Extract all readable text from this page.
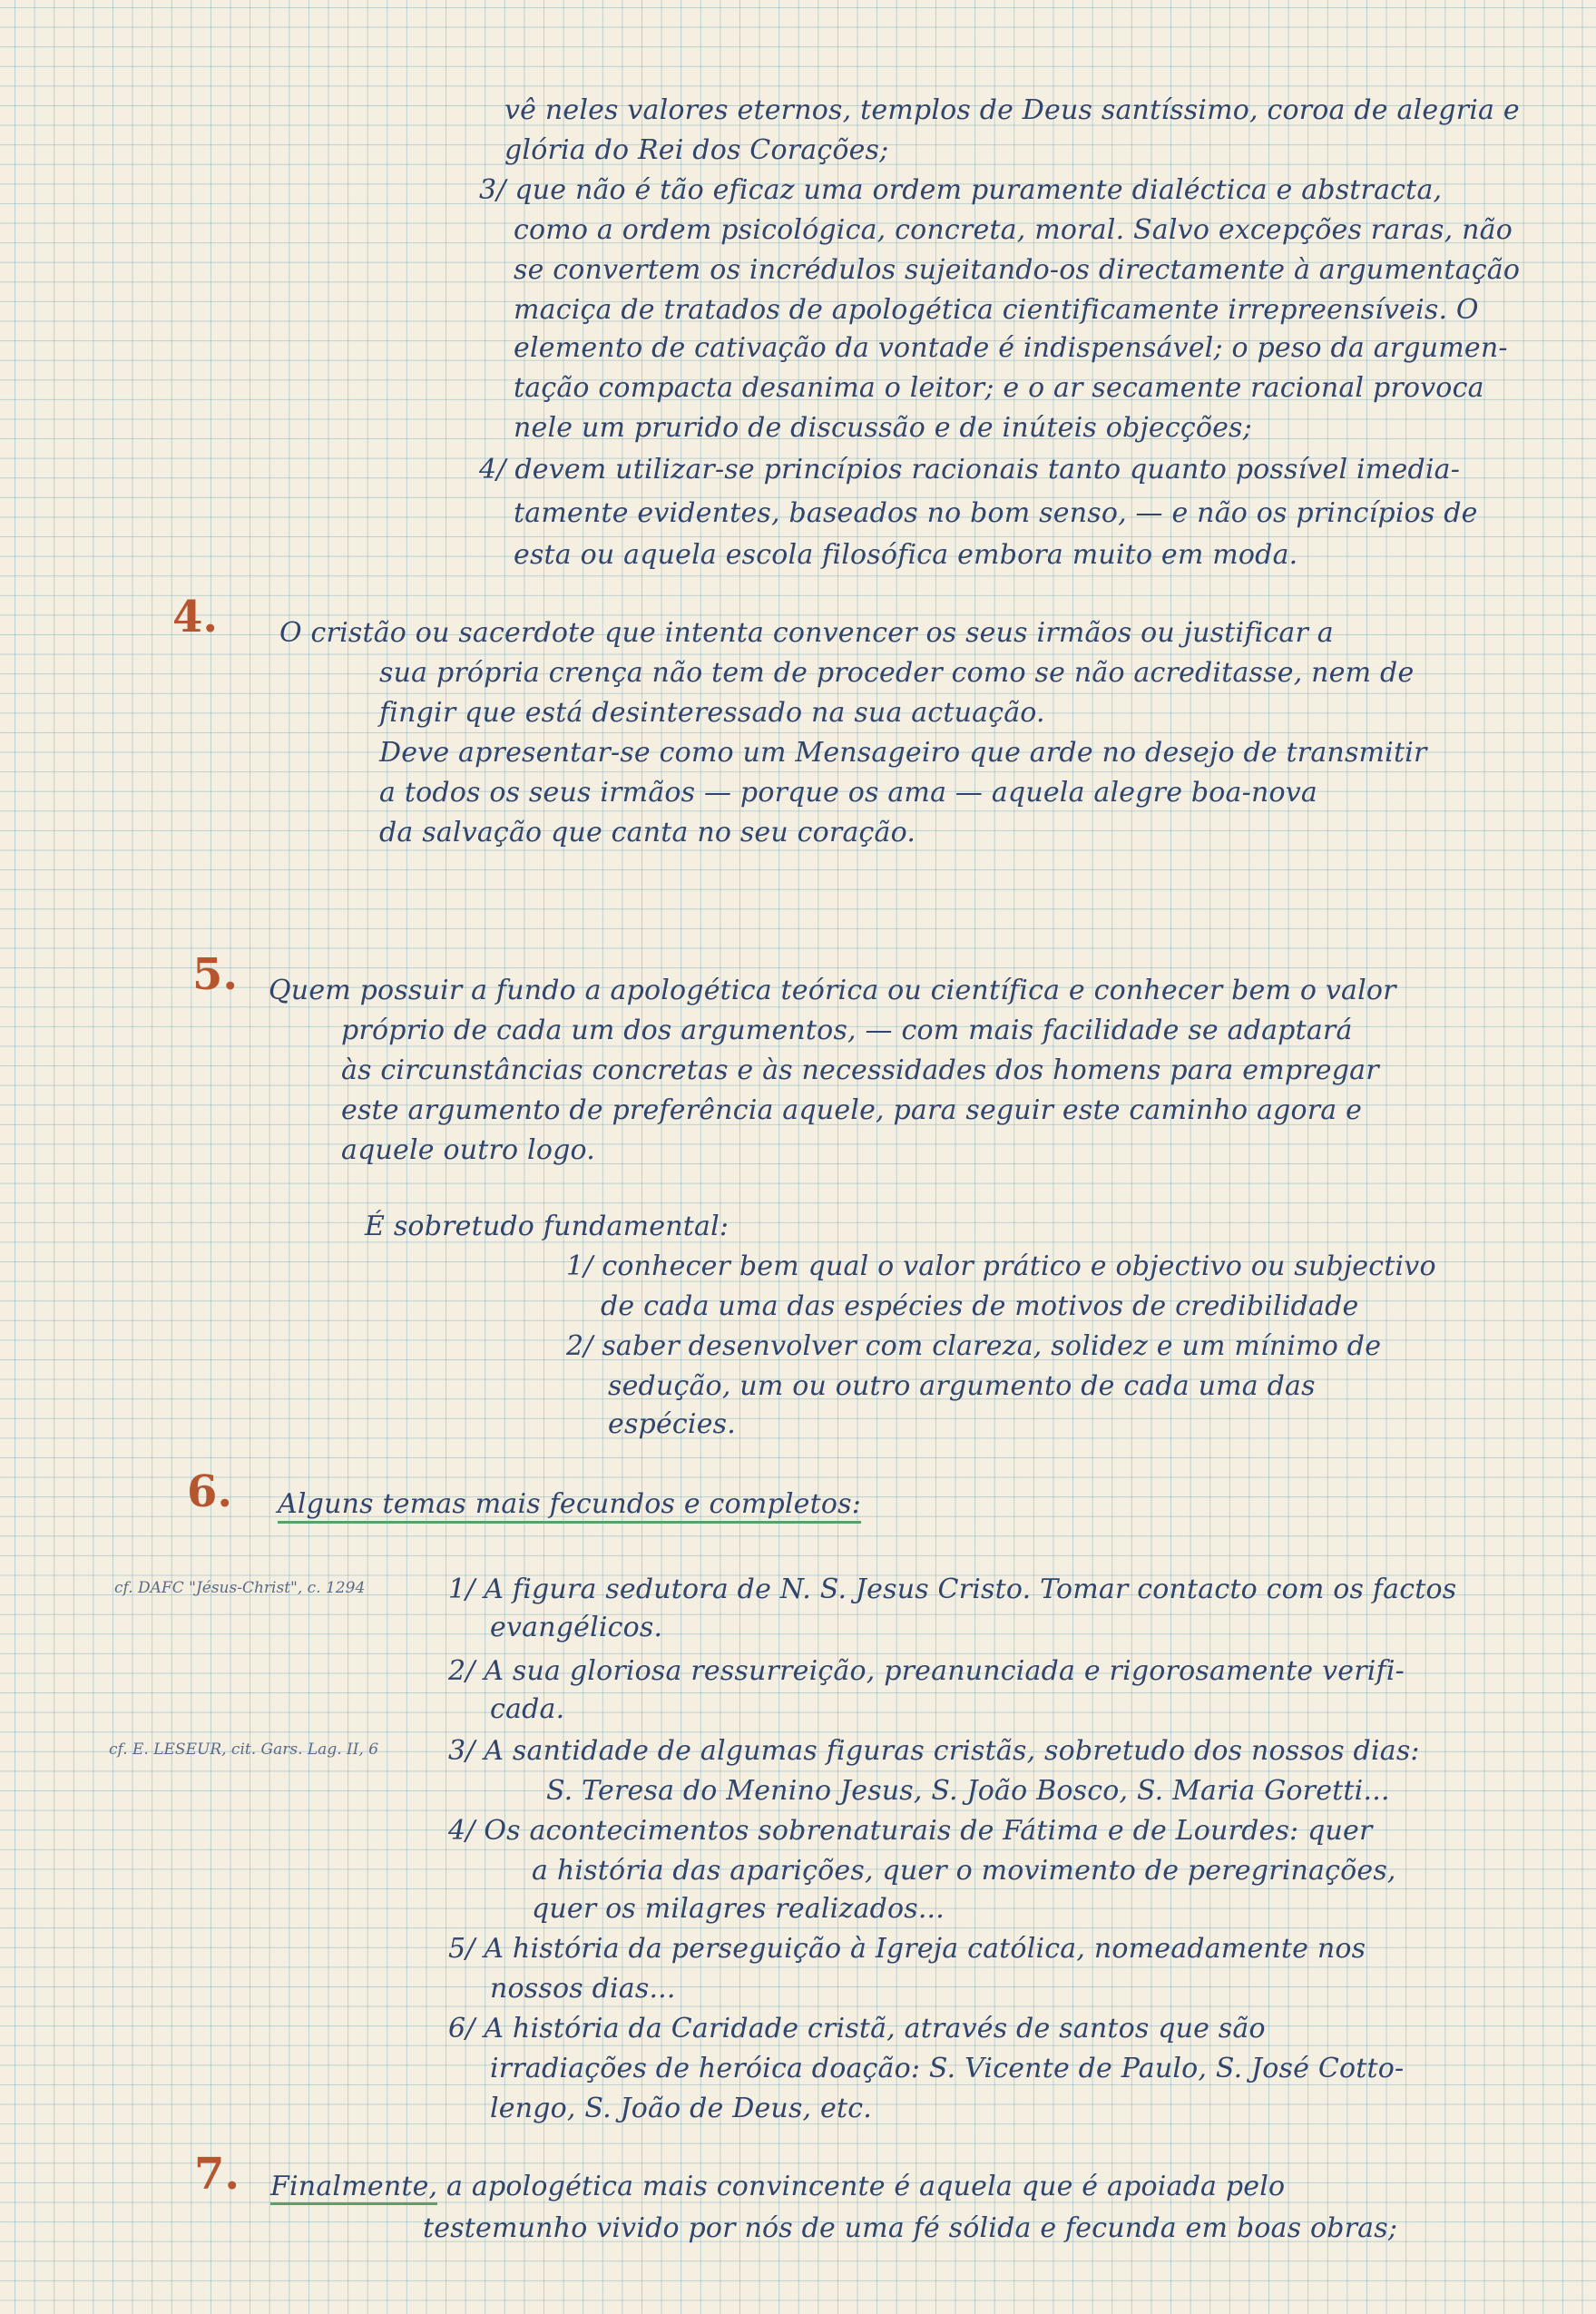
vê neles valores eternos, templos de Deus santíssimo, coroa de alegria e
glória do Rei dos Corações;
3/ que não é tão eficaz uma ordem puramente dialéctica e abstracta,
como a ordem psicológica, concreta, moral. Salvo excepções raras, não
se convertem os incrédulos sujeitando-os directamente à argumentação
maciça de tratados de apologética cientificamente irrepreensíveis. O
elemento de cativação da vontade é indispensável; o peso da argumen-
tação compacta desanima o leitor; e o ar secamente racional provoca
nele um prurido de discussão e de inúteis objecções;
4/ devem utilizar-se princípios racionais tanto quanto possível imedia-
tamente evidentes, baseados no bom senso, — e não os princípios de
esta ou aquela escola filosófica embora muito em moda.
4. O cristão ou sacerdote que intenta convencer os seus irmãos ou justificar a
sua própria crença não tem de proceder como se não acreditasse, nem de
fingir que está desinteressado na sua actuação.
Deve apresentar-se como um Mensageiro que arde no desejo de transmitir
a todos os seus irmãos — porque os ama — aquela alegre boa-nova
da salvação que canta no seu coração.
5. Quem possuir a fundo a apologética teórica ou científica e conhecer bem o valor
próprio de cada um dos argumentos, — com mais facilidade se adaptará
às circunstâncias concretas e às necessidades dos homens para empregar
este argumento de preferência aquele, para seguir este caminho agora e
aquele outro logo.
É sobretudo fundamental:
1/ conhecer bem qual o valor prático e objectivo ou subjectivo
de cada uma das espécies de motivos de credibilidade
2/ saber desenvolver com clareza, solidez e um mínimo de
sedução, um ou outro argumento de cada uma das
espécies.
6. Alguns temas mais fecundos e completos:
cf. DAFC "Jésus-Christ", c. 1294	1/ A figura sedutora de N. S. Jesus Cristo. Tomar contacto com os factos
evangélicos.
2/ A sua gloriosa ressurreição, preanunciada e rigorosamente verifi-
cada.
cf. E. LESEUR, cit. Gars. Lag. II, 6	3/ A santidade de algumas figuras cristãs, sobretudo dos nossos dias:
S. Teresa do Menino Jesus, S. João Bosco, S. Maria Goretti...
4/ Os acontecimentos sobrenaturais de Fátima e de Lourdes: quer
a história das aparições, quer o movimento de peregrinações,
quer os milagres realizados...
5/ A história da perseguição à Igreja católica, nomeadamente nos
nossos dias...
6/ A história da Caridade cristã, através de santos que são
irradiações de heróica doação: S. Vicente de Paulo, S. José Cotto-
lengo, S. João de Deus, etc.
7. Finalmente, a apologética mais convincente é aquela que é apoiada pelo
testemunho vivido por nós de uma fé sólida e fecunda em boas obras;
